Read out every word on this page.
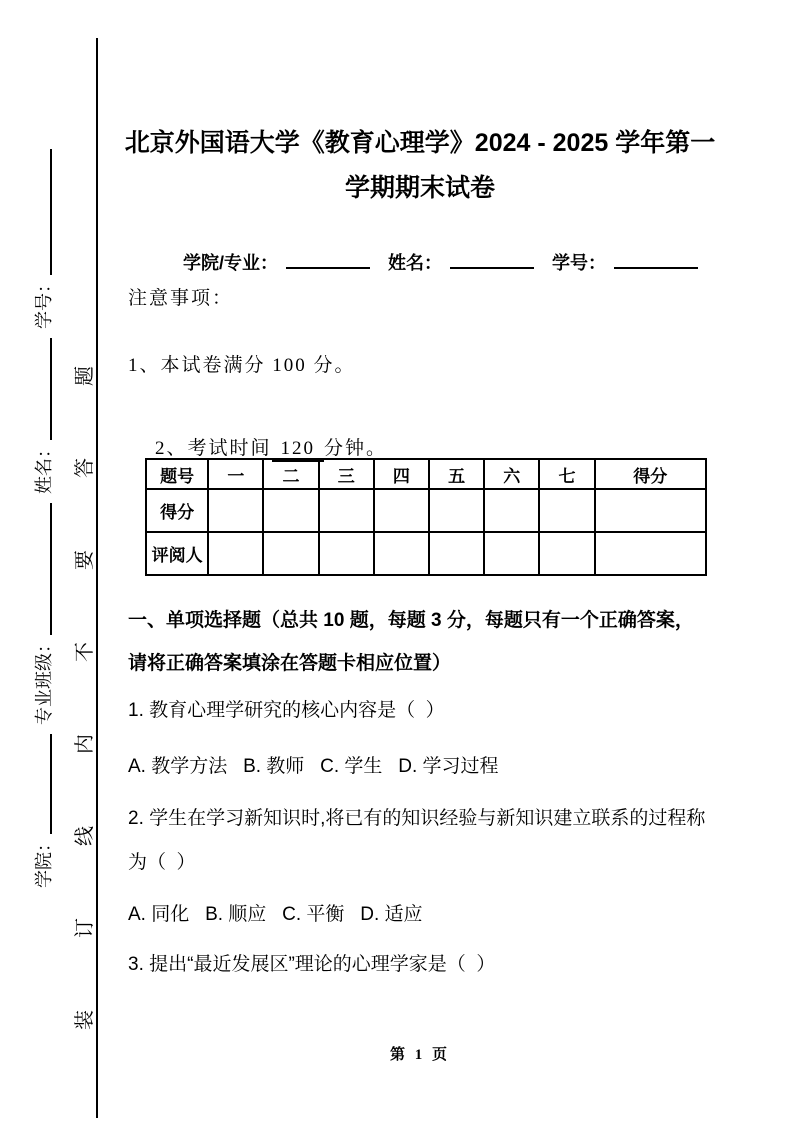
学院：专业班级：姓名：学号： 装订线内不要答题
北京外国语大学《教育心理学》2024 - 2025 学年第一
学期期末试卷

学院/专业：	姓名：	学号：

注意事项：
1、本试卷满分 100 分。

2、考试时间 120 分钟。

题号	一	二	三	四	五	六	七	得分
得分								
评阅人								
一、单项选择题（总共 10 题，每题 3 分，每题只有一个正确答案，
请将正确答案填涂在答题卡相应位置）
1. 教育心理学研究的核心内容是（  ）
A. 教学方法   B. 教师   C. 学生   D. 学习过程
2. 学生在学习新知识时,将已有的知识经验与新知识建立联系的过程称
为（  ）
A. 同化   B. 顺应   C. 平衡   D. 适应
3. 提出“最近发展区”理论的心理学家是（  ）
第 1 页
